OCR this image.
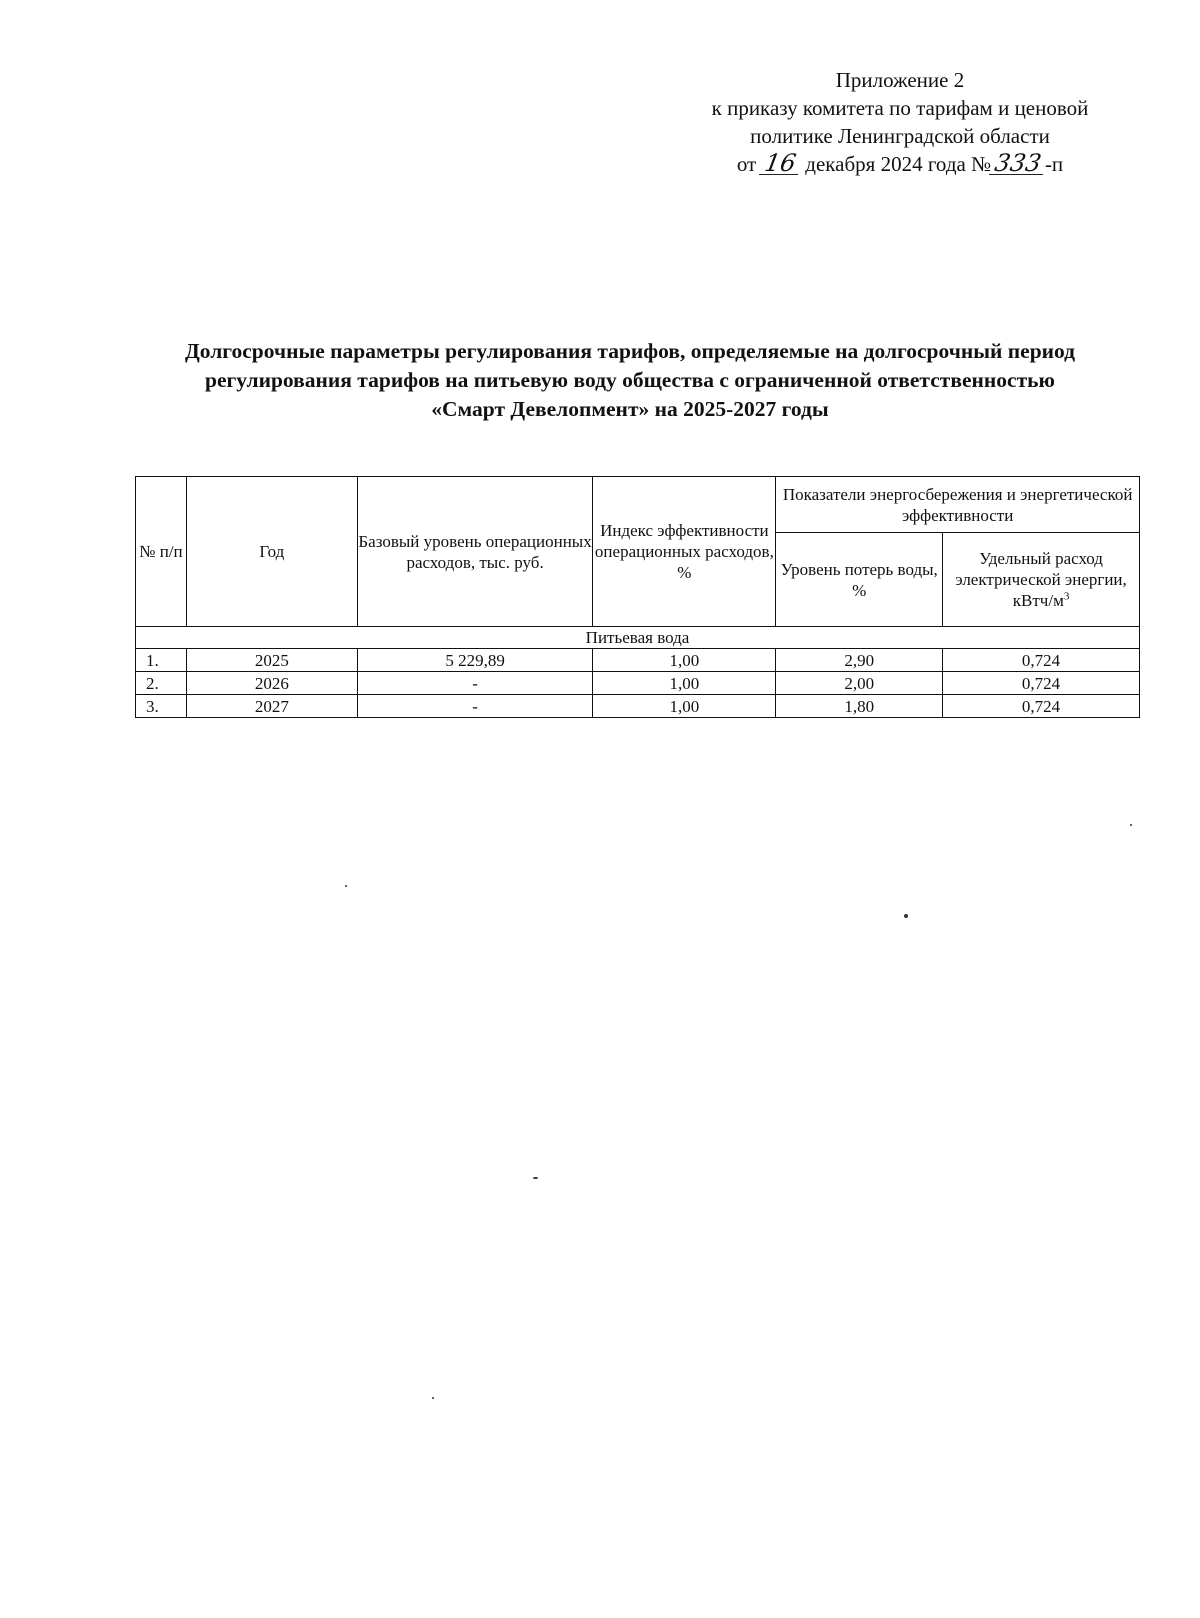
Приложение 2
к приказу комитета по тарифам и ценовой
политике Ленинградской области
от 16 декабря 2024 года №333-п
Долгосрочные параметры регулирования тарифов, определяемые на долгосрочный период
регулирования тарифов на питьевую воду общества с ограниченной ответственностью
«Смарт Девелопмент» на 2025-2027 годы
№ п/п	Год	Базовый уровень операционных расходов, тыс. руб.	Индекс эффективности операционных расходов, %	Показатели энергосбережения и энергетической эффективности	
				Уровень потерь воды, %	Удельный расход электрической энергии, кВтч/$м^3$
Питьевая вода					
1.	2025	5 229,89	1,00	2,90	0,724
2.	2026	-	1,00	2,00	0,724
3.	2027	-	1,00	1,80	0,724
